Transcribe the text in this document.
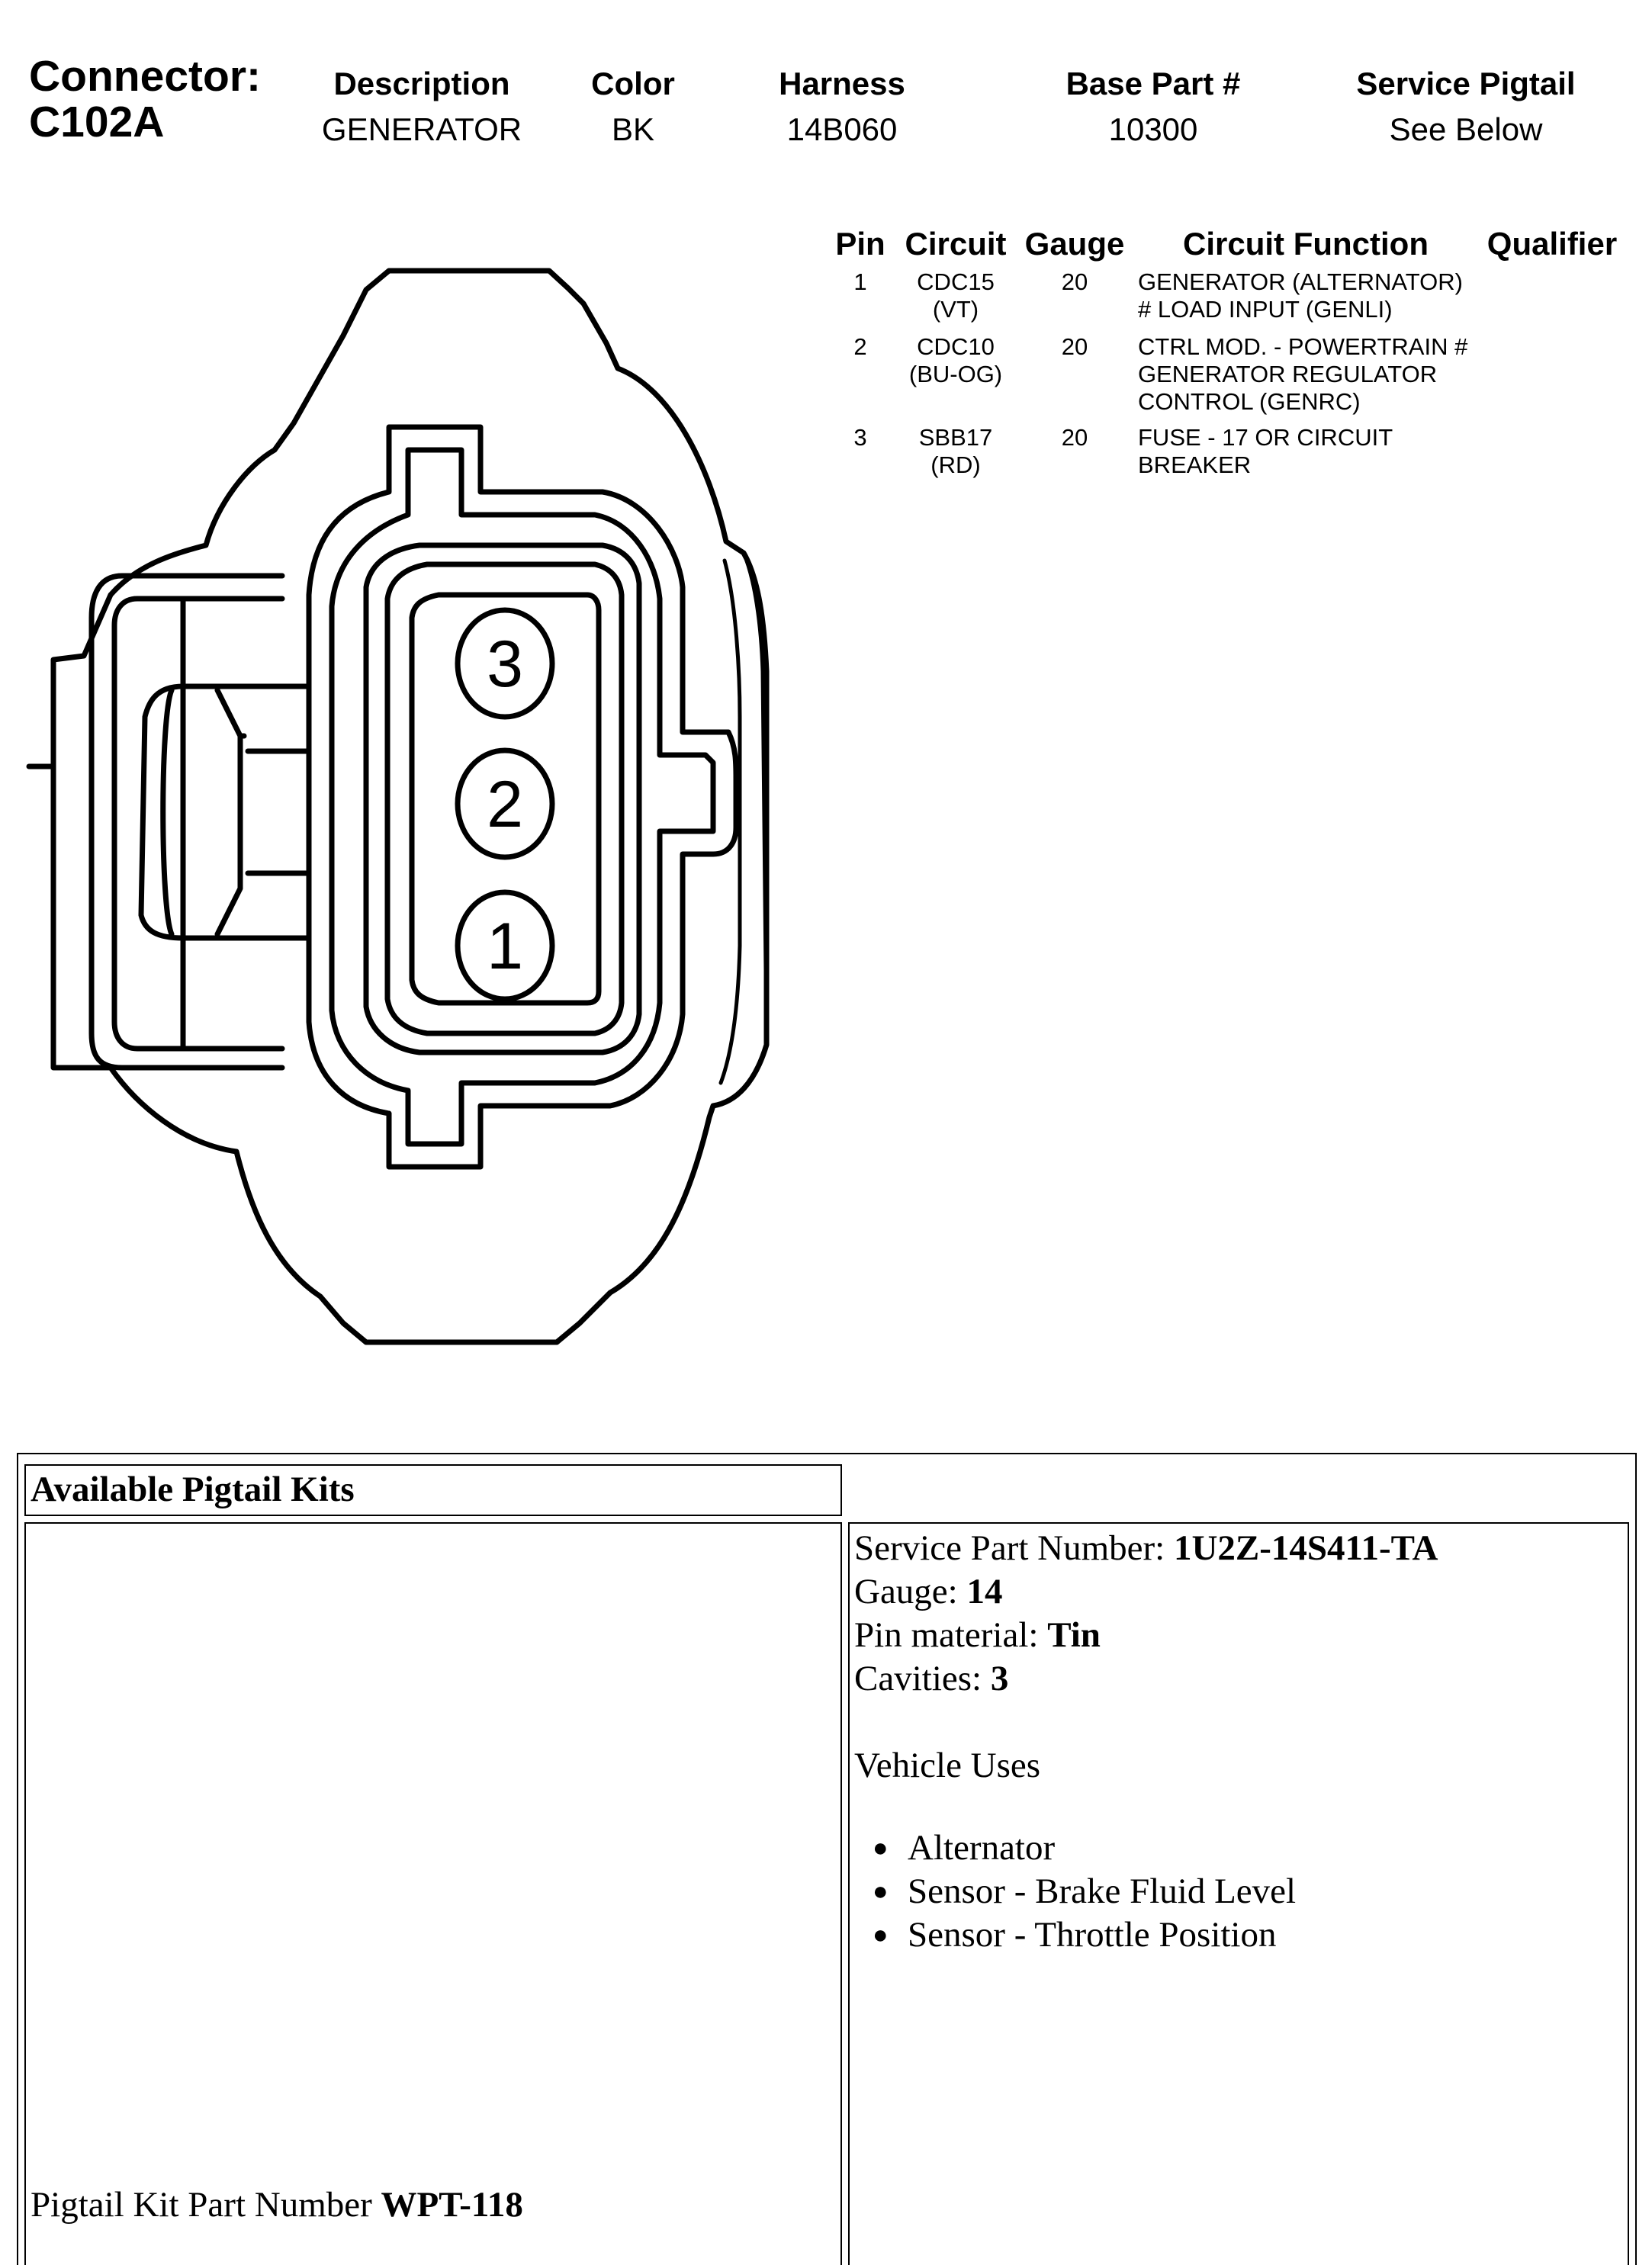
Connector:
C102A
Description
GENERATOR
Color
BK
Harness
14B060
Base Part #
10300
Service Pigtail
See Below
Pin Circuit Gauge Circuit Function Qualifier
1 CDC15
(VT)
20 GENERATOR (ALTERNATOR)
# LOAD INPUT (GENLI)
2	CDC10
(BU-OG)
20 CTRL MOD. - POWERTRAIN #
GENERATOR REGULATOR
CONTROL (GENRC)
3 SBB17
(RD)
20 FUSE - 17 OR CIRCUIT
BREAKER
3
2
1
Available Pigtail Kits
Service Part Number: 1U2Z-14S411-TA
Gauge: 14
Pin material: Tin
Cavities: 3
Vehicle Uses
● Alternator
● Sensor - Brake Fluid Level
● Sensor - Throttle Position
Pigtail Kit Part Number WPT-118
